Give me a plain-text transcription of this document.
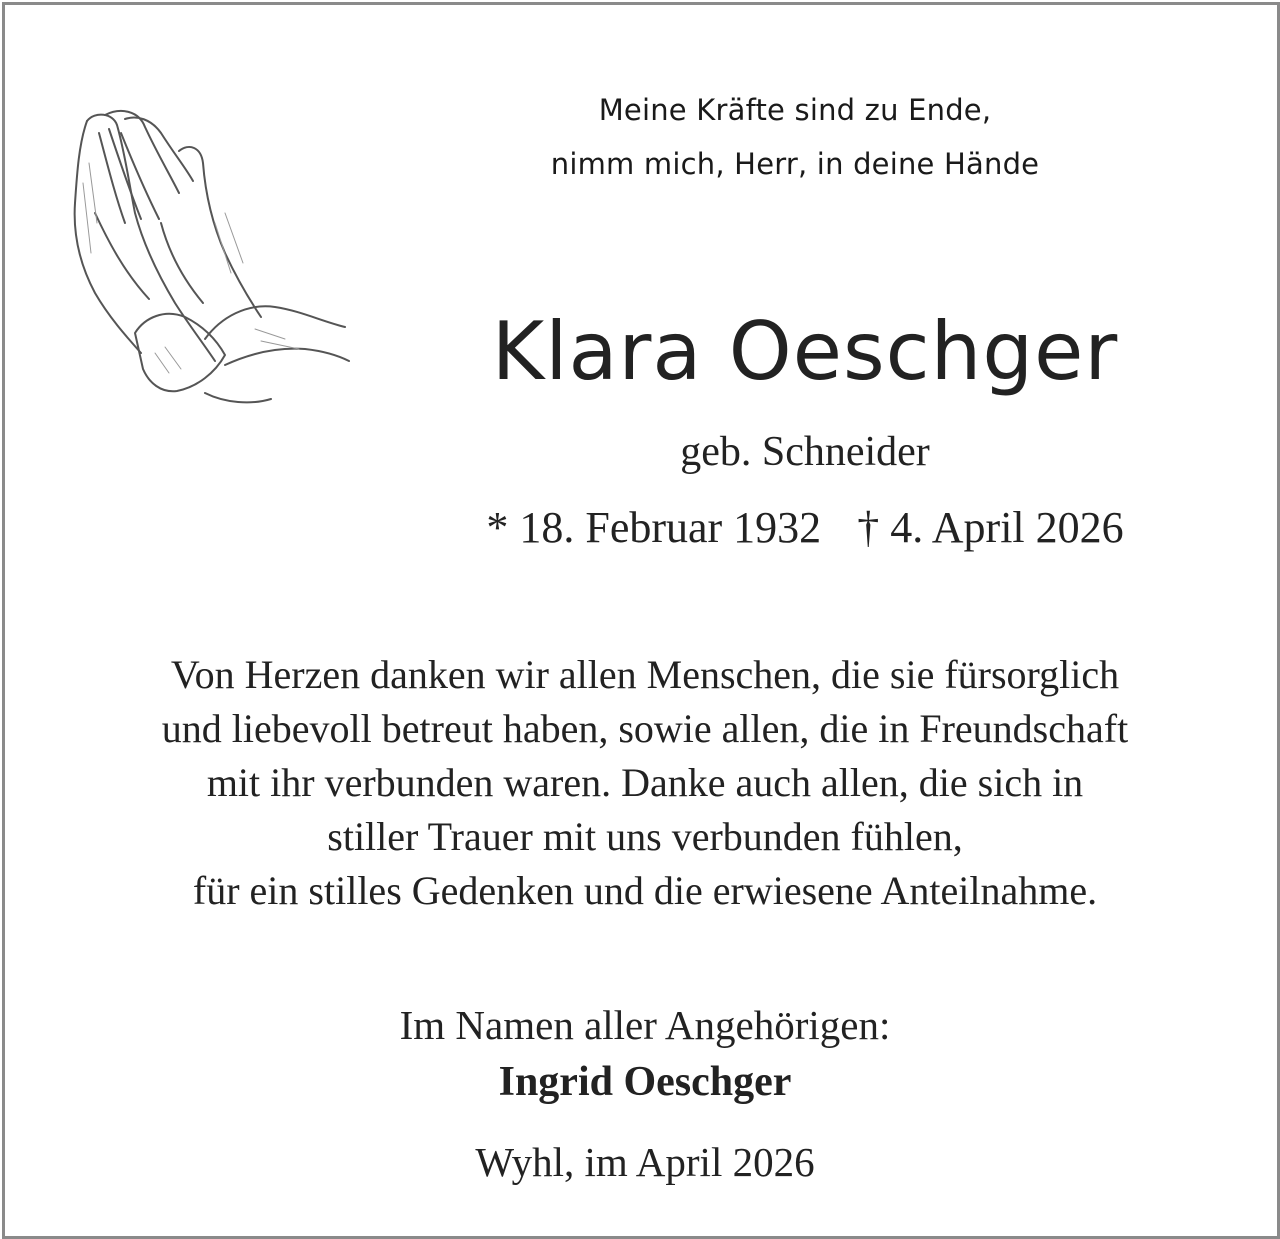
Meine Kräfte sind zu Ende,
nimm mich, Herr, in deine Hände
Klara Oeschger
geb. Schneider
* 18. Februar 1932 † 4. April 2026
Von Herzen danken wir allen Menschen, die sie fürsorglich
und liebevoll betreut haben, sowie allen, die in Freundschaft
mit ihr verbunden waren. Danke auch allen, die sich in
stiller Trauer mit uns verbunden fühlen,
für ein stilles Gedenken und die erwiesene Anteilnahme.
Im Namen aller Angehörigen:
Ingrid Oeschger
Wyhl, im April 2026
